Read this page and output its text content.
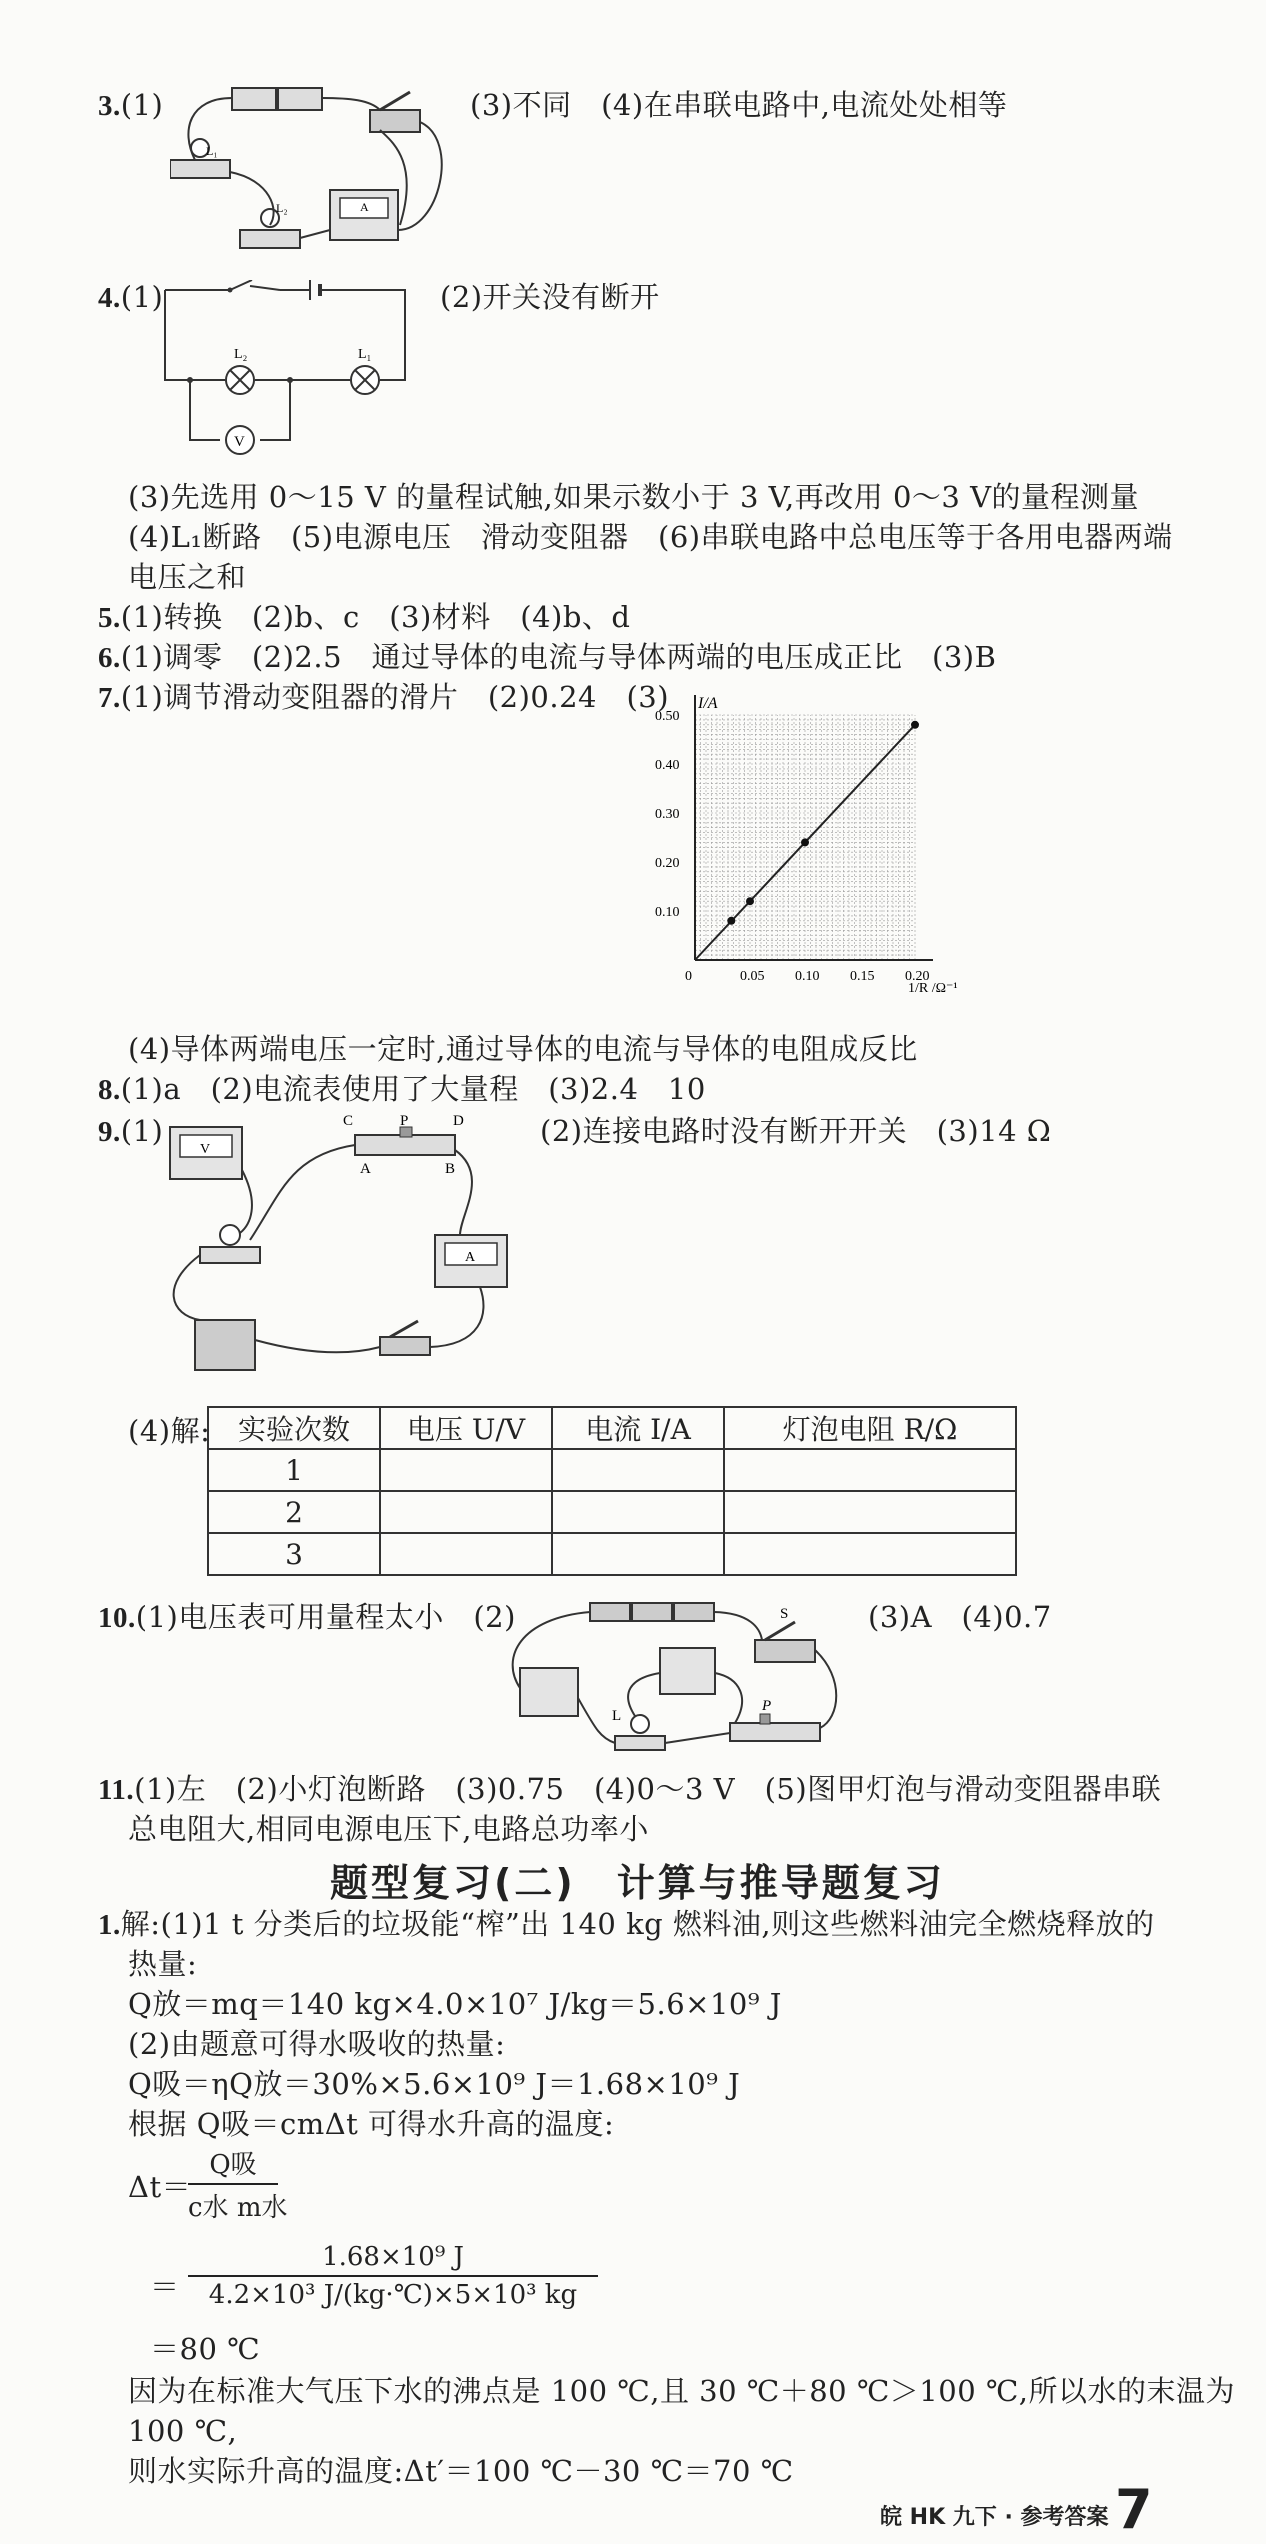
3.(1)
L₁
L₂	A
(3)不同　 (4)在串联电路中,电流处处相等
4.(1)
L₂	L₁
V
(2)开关没有断开
(3)先选用 0～15 V 的量程试触,如果示数小于 3 V,再改用 0～3 V的量程测量
(4)L₁断路　(5)电源电压　滑动变阻器　(6)串联电路中总电压等于各用电器两端
电压之和
5.(1)转换　(2)b、c　(3)材料　(4)b、d
6.(1)调零　(2)2.5　通过导体的电流与导体两端的电压成正比　(3)B
7.(1)调节滑动变阻器的滑片　(2)0.24　(3)
0	0.05 0.10 0.15 0.20
0.10
0.20
0.30
0.40
0.50
I/A
1/R /Ω⁻¹
(4)导体两端电压一定时,通过导体的电流与导体的电阻成反比
8.(1)a　(2)电流表使用了大量程　(3)2.4　10
9.(1)	(2)连接电路时没有断开开关　(3)14 Ω
C	P	D
A	B
V
A
(4)解: 实验次数	电压 U/V	电流 I/A	灯泡电阻 R/Ω
1			
2			
3			
10.(1)电压表可用量程太小　(2)	S
L
P
(3)A　(4)0.7
11.(1)左　(2)小灯泡断路　(3)0.75　(4)0～3 V　(5)图甲灯泡与滑动变阻器串联
总电阻大,相同电源电压下,电路总功率小
题型复习(二)　计算与推导题复习
1.解:(1)1 t 分类后的垃圾能“榨”出 140 kg 燃料油,则这些燃料油完全燃烧释放的
热量:
Q放＝mq＝140 kg×4.0×10⁷ J/kg＝5.6×10⁹ J
(2)由题意可得水吸收的热量:
Q吸＝ηQ放＝30%×5.6×10⁹ J＝1.68×10⁹ J
根据 Q吸＝cmΔt 可得水升高的温度:
Δt＝
Q吸
c水 m水
＝
1.68×10⁹ J
4.2×10³ J/(kg·℃)×5×10³ kg
＝80 ℃
因为在标准大气压下水的沸点是 100 ℃,且 30 ℃＋80 ℃＞100 ℃,所以水的末温为
100 ℃,
则水实际升高的温度:Δt′＝100 ℃－30 ℃＝70 ℃
皖 HK 九下 · 参考答案 7
